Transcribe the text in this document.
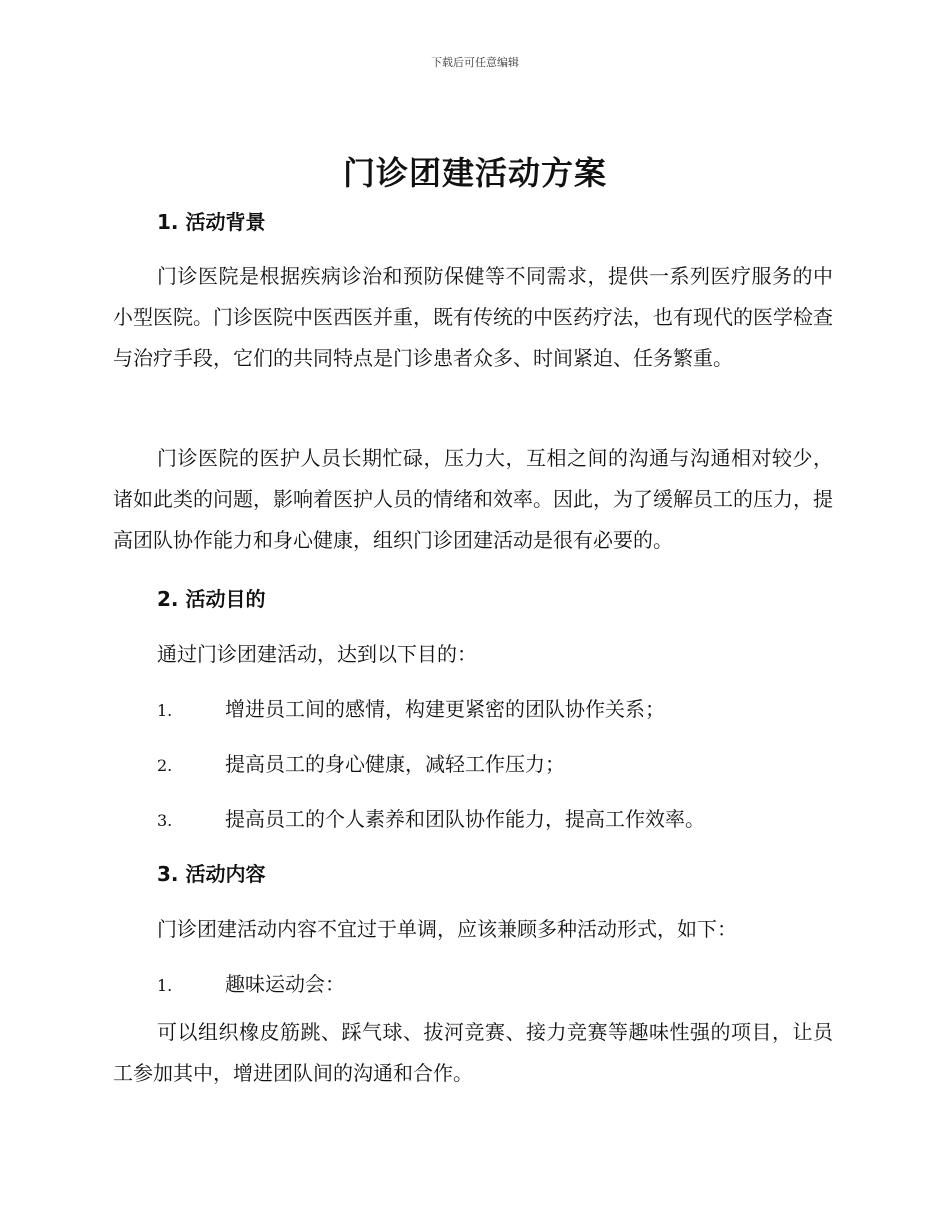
下载后可任意编辑
门诊团建活动方案
1. 活动背景
门诊医院是根据疾病诊治和预防保健等不同需求，提供一系列医疗服务的中小型医院。门诊医院中医西医并重，既有传统的中医药疗法，也有现代的医学检查与治疗手段，它们的共同特点是门诊患者众多、时间紧迫、任务繁重。
门诊医院的医护人员长期忙碌，压力大，互相之间的沟通与沟通相对较少，诸如此类的问题，影响着医护人员的情绪和效率。因此，为了缓解员工的压力，提高团队协作能力和身心健康，组织门诊团建活动是很有必要的。
2. 活动目的
通过门诊团建活动，达到以下目的：
1.	增进员工间的感情，构建更紧密的团队协作关系；
2.	提高员工的身心健康，减轻工作压力；
3.	提高员工的个人素养和团队协作能力，提高工作效率。
3. 活动内容
门诊团建活动内容不宜过于单调，应该兼顾多种活动形式，如下：
1.	趣味运动会：
可以组织橡皮筋跳、踩气球、拔河竞赛、接力竞赛等趣味性强的项目，让员工参加其中，增进团队间的沟通和合作。
